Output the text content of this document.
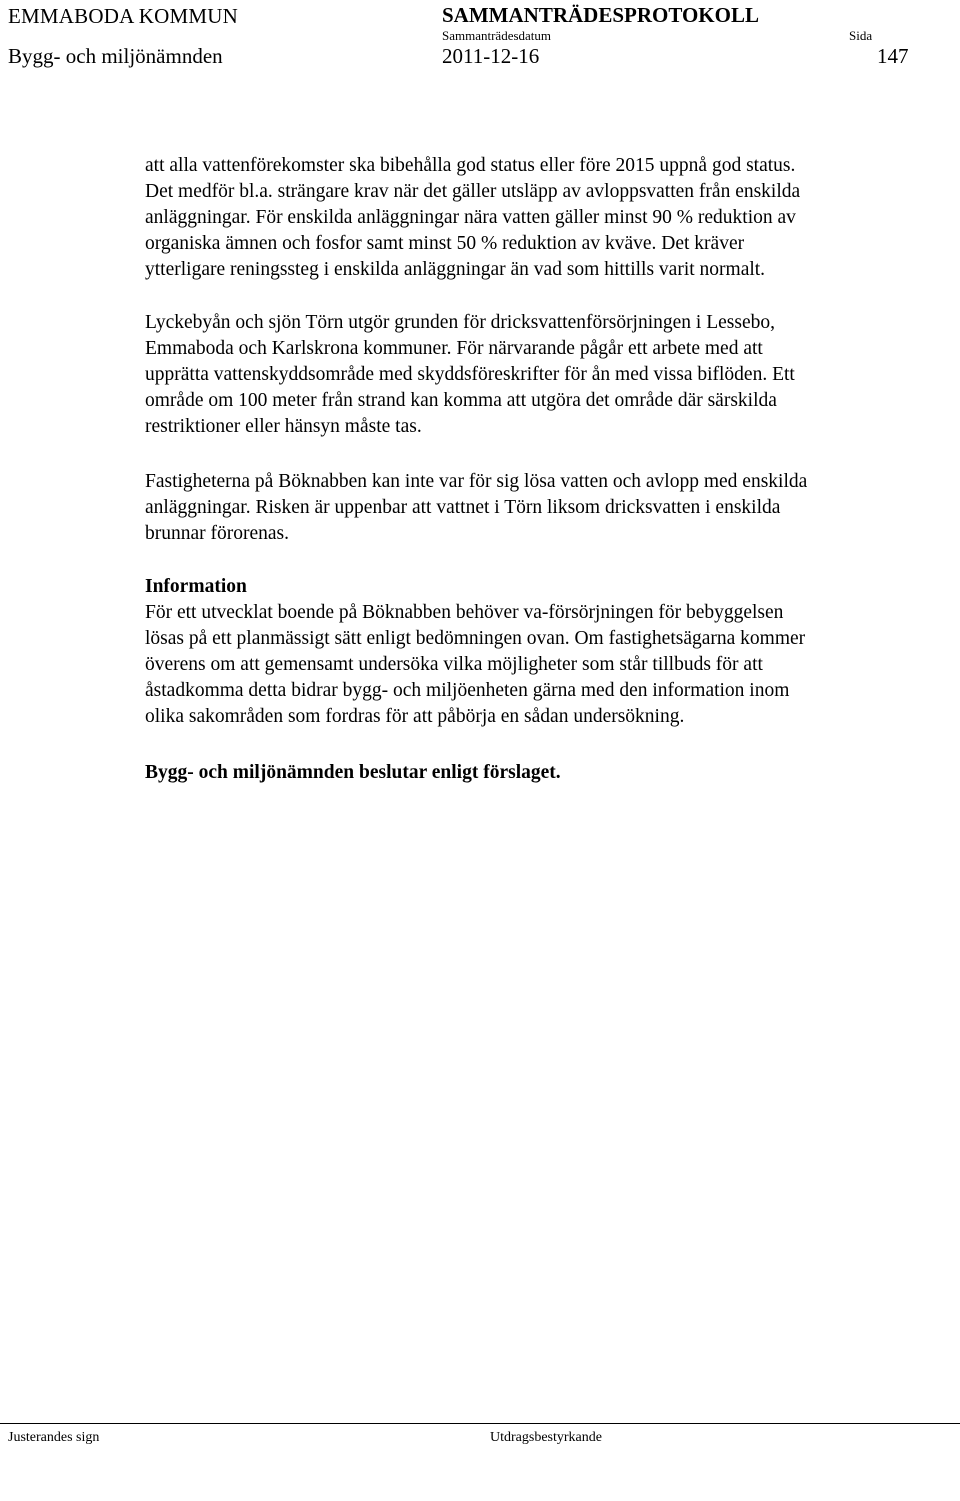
EMMABODA KOMMUN
Bygg- och miljönämnden
SAMMANTRÄDESPROTOKOLL
Sammanträdesdatum	Sida
2011-12-16	147
att alla vattenförekomster ska bibehålla god status eller före 2015 uppnå god status.
Det medför bl.a. strängare krav när det gäller utsläpp av avloppsvatten från enskilda
anläggningar. För enskilda anläggningar nära vatten gäller minst 90 % reduktion av
organiska ämnen och fosfor samt minst 50 % reduktion av kväve. Det kräver
ytterligare reningssteg i enskilda anläggningar än vad som hittills varit normalt.
Lyckebyån och sjön Törn utgör grunden för dricksvattenförsörjningen i Lessebo,
Emmaboda och Karlskrona kommuner. För närvarande pågår ett arbete med att
upprätta vattenskyddsområde med skyddsföreskrifter för ån med vissa biflöden. Ett
område om 100 meter från strand kan komma att utgöra det område där särskilda
restriktioner eller hänsyn måste tas.
Fastigheterna på Böknabben kan inte var för sig lösa vatten och avlopp med enskilda
anläggningar. Risken är uppenbar att vattnet i Törn liksom dricksvatten i enskilda
brunnar förorenas.
Information
För ett utvecklat boende på Böknabben behöver va-försörjningen för bebyggelsen
lösas på ett planmässigt sätt enligt bedömningen ovan. Om fastighetsägarna kommer
överens om att gemensamt undersöka vilka möjligheter som står tillbuds för att
åstadkomma detta bidrar bygg- och miljöenheten gärna med den information inom
olika sakområden som fordras för att påbörja en sådan undersökning.
Bygg- och miljönämnden beslutar enligt förslaget.
Justerandes sign	Utdragsbestyrkande
